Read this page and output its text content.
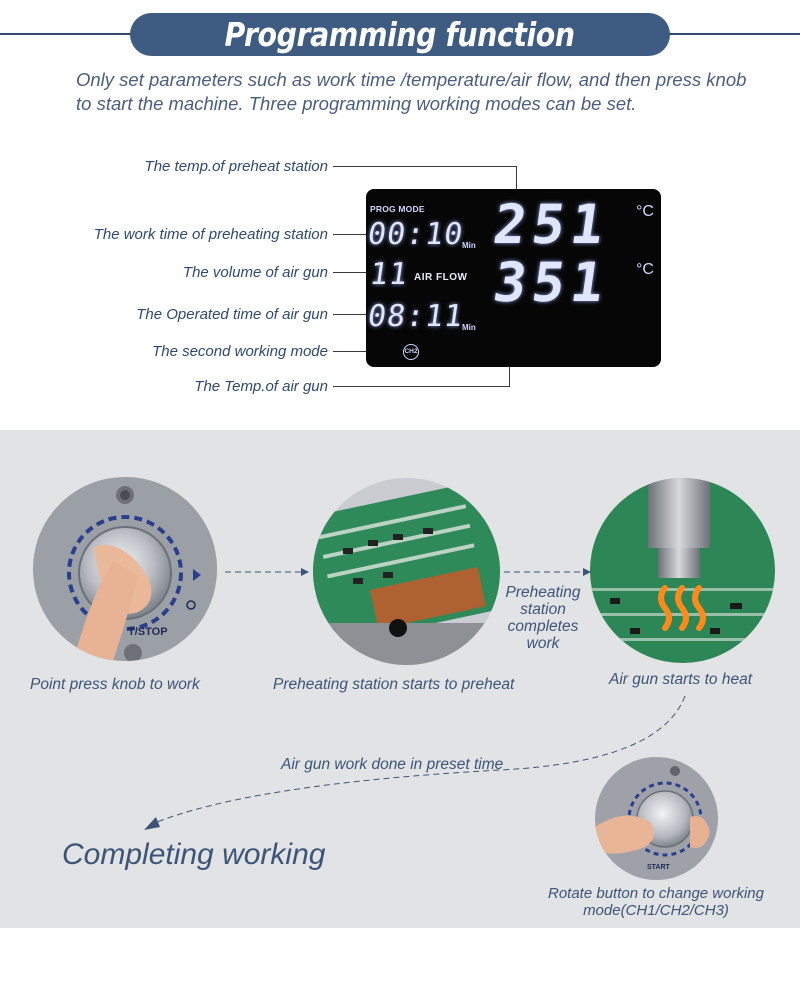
Programming function
Only set parameters such as work time /temperature/air flow, and then press knob to start the machine. Three programming working modes can be set.
The temp.of preheat station
The work time of preheating station
The volume of air gun
The Operated time of air gun
The second working mode
The Temp.of air gun
PROG MODE
00:10
Min
11 AIR FLOW
08:11
Min
251 °C
351 °C
CH2
T/STOP
START
Point press knob to work	Preheating station starts to preheat
Preheating station completes work
Air gun starts to heat
Air gun work done in preset time
Completing working
Rotate button to change working mode(CH1/CH2/CH3)
